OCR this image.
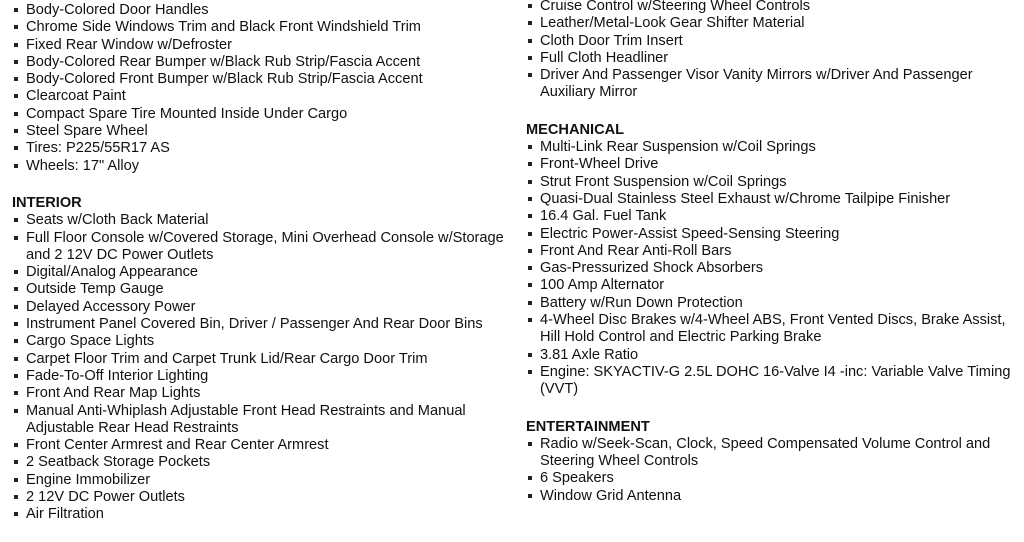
Body-Colored Door Handles
Chrome Side Windows Trim and Black Front Windshield Trim
Fixed Rear Window w/Defroster
Body-Colored Rear Bumper w/Black Rub Strip/Fascia Accent
Body-Colored Front Bumper w/Black Rub Strip/Fascia Accent
Clearcoat Paint
Compact Spare Tire Mounted Inside Under Cargo
Steel Spare Wheel
Tires: P225/55R17 AS
Wheels: 17" Alloy
INTERIOR
Seats w/Cloth Back Material
Full Floor Console w/Covered Storage, Mini Overhead Console w/Storage and 2 12V DC Power Outlets
Digital/Analog Appearance
Outside Temp Gauge
Delayed Accessory Power
Instrument Panel Covered Bin, Driver / Passenger And Rear Door Bins
Cargo Space Lights
Carpet Floor Trim and Carpet Trunk Lid/Rear Cargo Door Trim
Fade-To-Off Interior Lighting
Front And Rear Map Lights
Manual Anti-Whiplash Adjustable Front Head Restraints and Manual Adjustable Rear Head Restraints
Front Center Armrest and Rear Center Armrest
2 Seatback Storage Pockets
Engine Immobilizer
2 12V DC Power Outlets
Air Filtration
Cruise Control w/Steering Wheel Controls
Leather/Metal-Look Gear Shifter Material
Cloth Door Trim Insert
Full Cloth Headliner
Driver And Passenger Visor Vanity Mirrors w/Driver And Passenger Auxiliary Mirror
MECHANICAL
Multi-Link Rear Suspension w/Coil Springs
Front-Wheel Drive
Strut Front Suspension w/Coil Springs
Quasi-Dual Stainless Steel Exhaust w/Chrome Tailpipe Finisher
16.4 Gal. Fuel Tank
Electric Power-Assist Speed-Sensing Steering
Front And Rear Anti-Roll Bars
Gas-Pressurized Shock Absorbers
100 Amp Alternator
Battery w/Run Down Protection
4-Wheel Disc Brakes w/4-Wheel ABS, Front Vented Discs, Brake Assist, Hill Hold Control and Electric Parking Brake
3.81 Axle Ratio
Engine: SKYACTIV-G 2.5L DOHC 16-Valve I4 -inc: Variable Valve Timing (VVT)
ENTERTAINMENT
Radio w/Seek-Scan, Clock, Speed Compensated Volume Control and Steering Wheel Controls
6 Speakers
Window Grid Antenna
